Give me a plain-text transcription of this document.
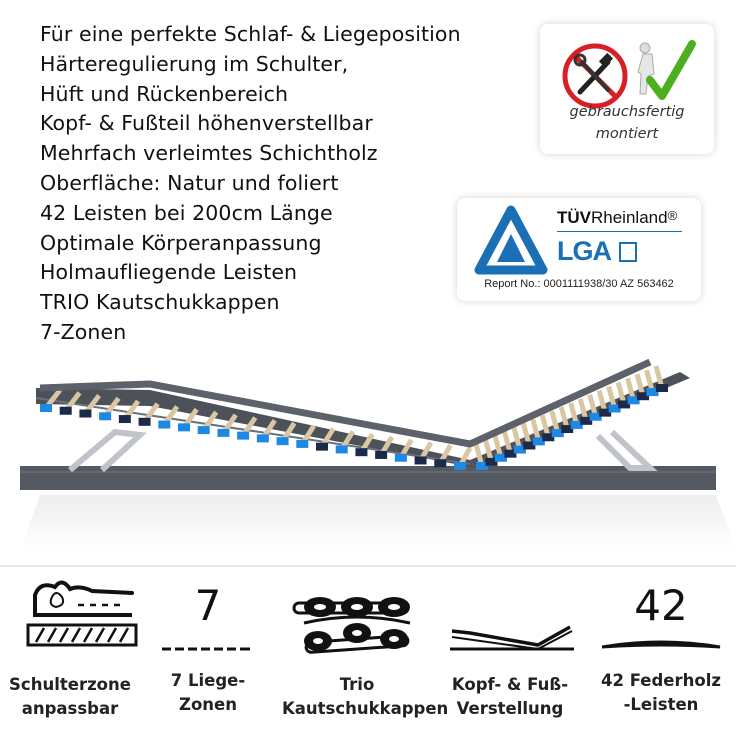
Für eine perfekte Schlaf- & Liegeposition
Härteregulierung im Schulter,
Hüft und Rückenbereich
Kopf- & Fußteil höhenverstellbar
Mehrfach verleimtes Schichtholz
Oberfläche: Natur und foliert
42 Leisten bei 200cm Länge
Optimale Körperanpassung
Holmaufliegende Leisten
TRIO Kautschukkappen
7-Zonen
gebrauchsfertig
montiert
TÜVRheinland®
LGA
Report No.: 0001111938/30 AZ 563462
Schulterzone
anpassbar
7
7 Liege-
Zonen
Trio
Kautschukkappen
Kopf- & Fuß-
Verstellung
42
42 Federholz
-Leisten
